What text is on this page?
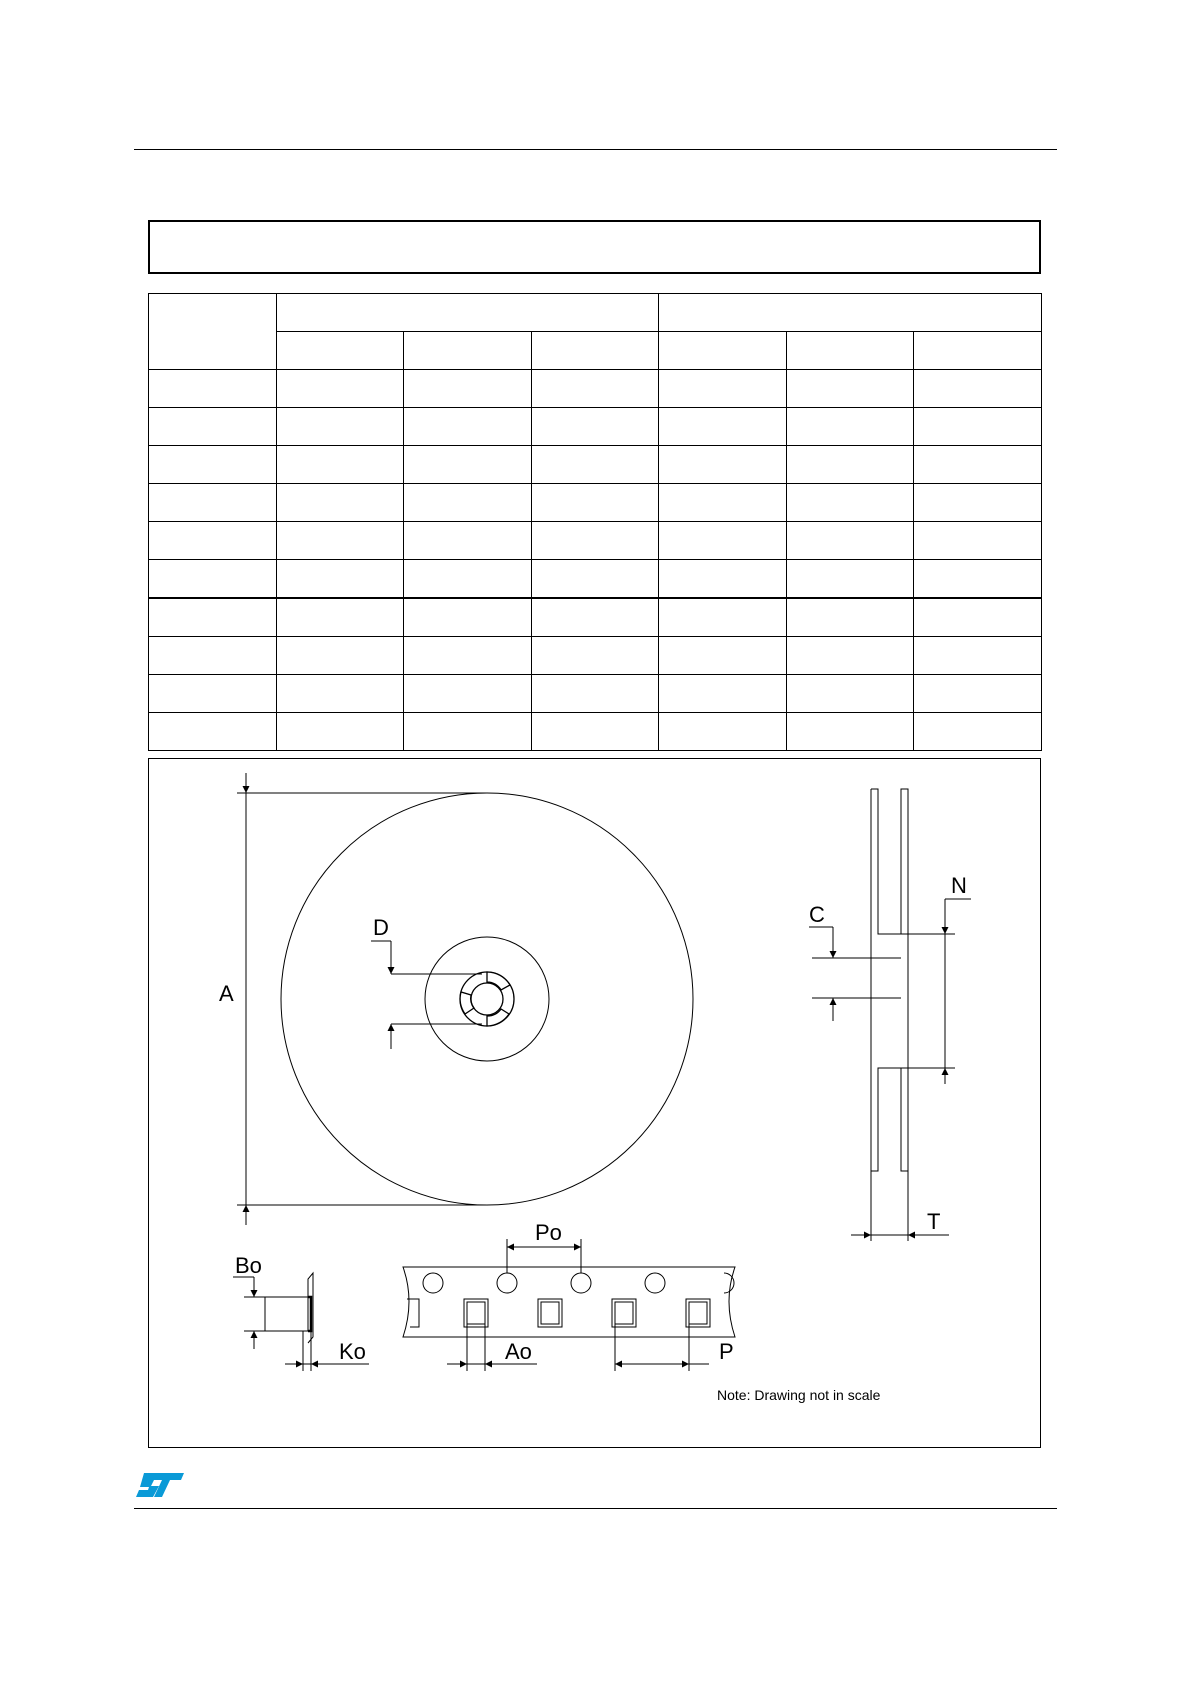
A
D
C
N
T
Po
Bo
Ko	Ao	P
Note: Drawing not in scale
